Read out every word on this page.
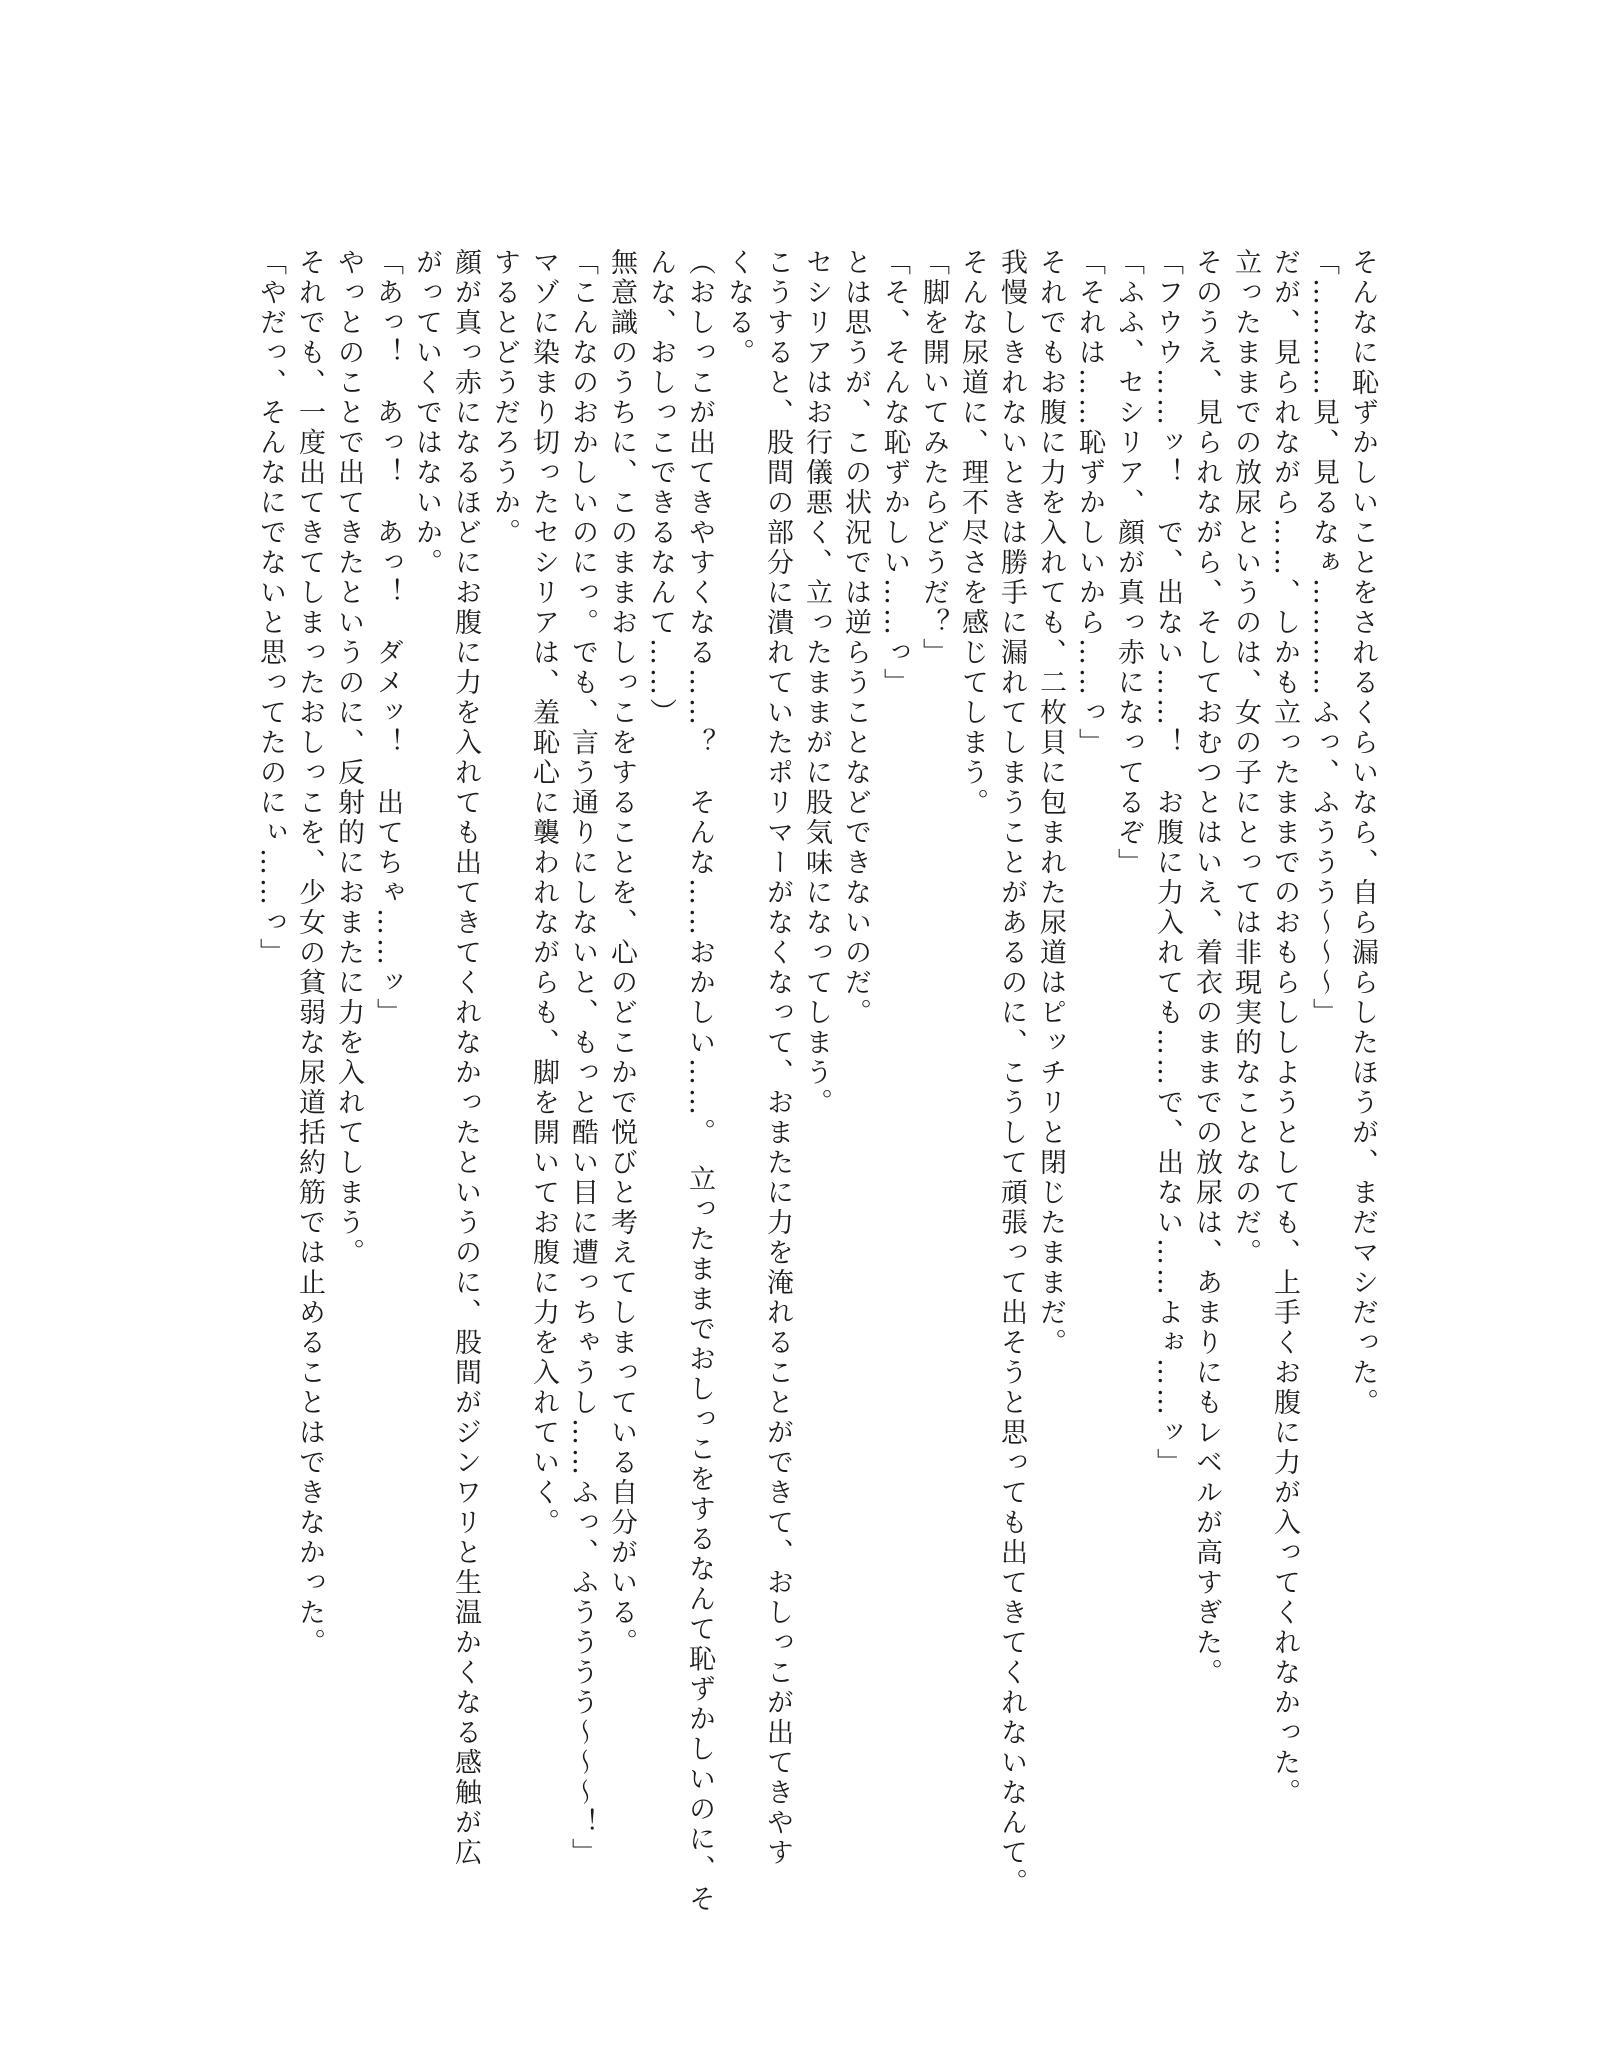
そんなに恥ずかしいことをされるくらいなら、自ら漏らしたほうが、まだマシだった。
「…………見、見るなぁ…………ふっ、ふううう〜〜〜」
だが、見られながら……、しかも立ったままでのおもらししようとしても、上手くお腹に力が入ってくれなかった。
立ったままでの放尿というのは、女の子にとっては非現実的なことなのだ。
そのうえ、見られながら、そしておむつとはいえ、着衣のままでの放尿は、あまりにもレベルが高すぎた。
「フウウ……ッ！　で、出ない……！　お腹に力入れても……で、出ない……よぉ……ッ」
「ふふ、セシリア、顔が真っ赤になってるぞ」
「それは……恥ずかしいから……っ」
それでもお腹に力を入れても、二枚貝に包まれた尿道はピッチリと閉じたままだ。
我慢しきれないときは勝手に漏れてしまうことがあるのに、こうして頑張って出そうと思っても出てきてくれないなんて。
そんな尿道に、理不尽さを感じてしまう。
「脚を開いてみたらどうだ？」
「そ、そんな恥ずかしい……っ」
とは思うが、この状況では逆らうことなどできないのだ。
セシリアはお行儀悪く、立ったままがに股気味になってしまう。
こうすると、股間の部分に潰れていたポリマーがなくなって、おまたに力を淹れることができて、おしっこが出てきやす
くなる。
（おしっこが出てきやすくなる……？　そんな……おかしい……。　立ったままでおしっこをするなんて恥ずかしいのに、そ
んな、おしっこできるなんて……）
無意識のうちに、このままおしっこをすることを、心のどこかで悦びと考えてしまっている自分がいる。
「こんなのおかしいのにっ。でも、言う通りにしないと、もっと酷い目に遭っちゃうし……ふっ、ふうううう〜〜〜！」
マゾに染まり切ったセシリアは、羞恥心に襲われながらも、脚を開いてお腹に力を入れていく。
するとどうだろうか。
顔が真っ赤になるほどにお腹に力を入れても出てきてくれなかったというのに、股間がジンワリと生温かくなる感触が広
がっていくではないか。
「あっ！　あっ！　あっ！　ダメッ！　出てちゃ……ッ」
やっとのことで出てきたというのに、反射的におまたに力を入れてしまう。
それでも、一度出てきてしまったおしっこを、少女の貧弱な尿道括約筋では止めることはできなかった。
「やだっ、そんなにでないと思ってたのにぃ……っ」
